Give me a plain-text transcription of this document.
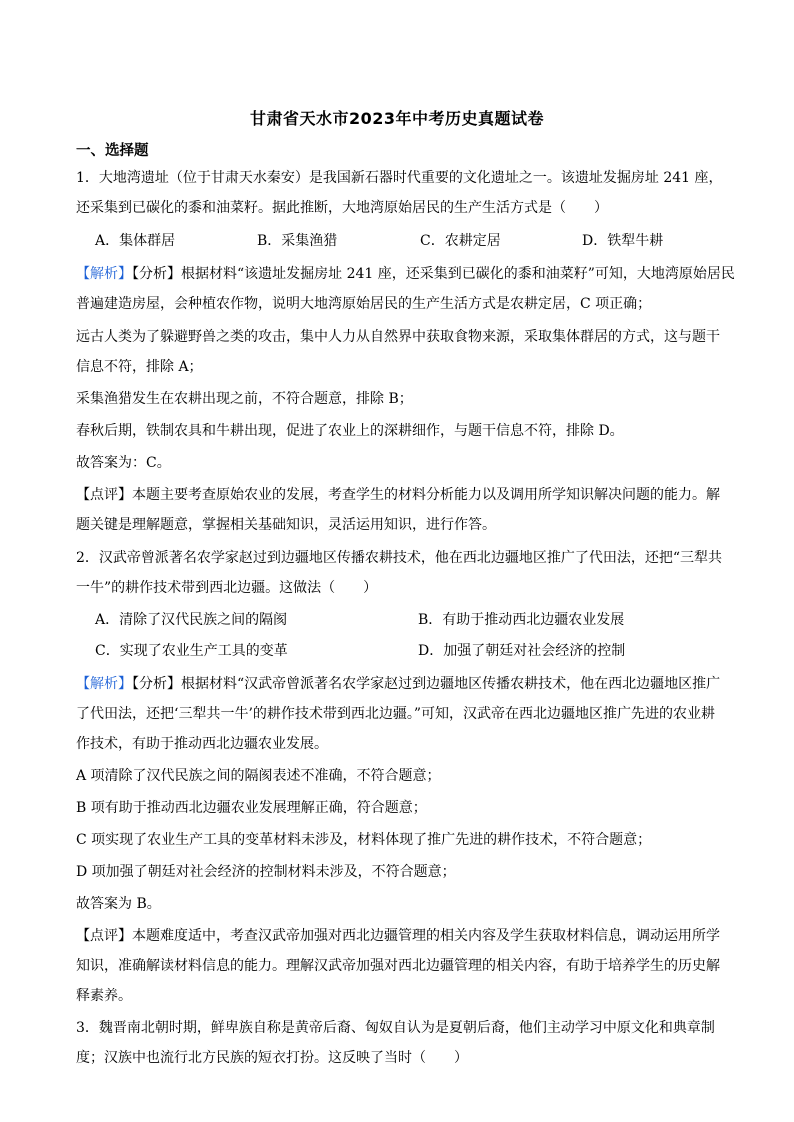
甘肃省天水市2023年中考历史真题试卷
一、选择题
1．大地湾遗址（位于甘肃天水秦安）是我国新石器时代重要的文化遗址之一。该遗址发掘房址 241 座，
还采集到已碳化的黍和油菜籽。据此推断，大地湾原始居民的生产生活方式是（　　）
A．集体群居	B．采集渔猎	C．农耕定居	D．铁犁牛耕
【解析】【分析】根据材料“该遗址发掘房址 241 座，还采集到已碳化的黍和油菜籽”可知，大地湾原始居民
普遍建造房屋，会种植农作物，说明大地湾原始居民的生产生活方式是农耕定居，C 项正确；
远古人类为了躲避野兽之类的攻击，集中人力从自然界中获取食物来源，采取集体群居的方式，这与题干
信息不符，排除 A；
采集渔猎发生在农耕出现之前，不符合题意，排除 B；
春秋后期，铁制农具和牛耕出现，促进了农业上的深耕细作，与题干信息不符，排除 D。
故答案为：C。
【点评】本题主要考查原始农业的发展，考查学生的材料分析能力以及调用所学知识解决问题的能力。解
题关键是理解题意，掌握相关基础知识，灵活运用知识，进行作答。
2．汉武帝曾派著名农学家赵过到边疆地区传播农耕技术，他在西北边疆地区推广了代田法，还把“三犁共
一牛”的耕作技术带到西北边疆。这做法（　　）
A．清除了汉代民族之间的隔阂	B．有助于推动西北边疆农业发展
C．实现了农业生产工具的变革	D．加强了朝廷对社会经济的控制
【解析】【分析】根据材料“汉武帝曾派著名农学家赵过到边疆地区传播农耕技术，他在西北边疆地区推广
了代田法，还把‘三犁共一牛’的耕作技术带到西北边疆。”可知，汉武帝在西北边疆地区推广先进的农业耕
作技术，有助于推动西北边疆农业发展。
A 项清除了汉代民族之间的隔阂表述不准确，不符合题意；
B 项有助于推动西北边疆农业发展理解正确，符合题意；
C 项实现了农业生产工具的变革材料未涉及，材料体现了推广先进的耕作技术，不符合题意；
D 项加强了朝廷对社会经济的控制材料未涉及，不符合题意；
故答案为 B。
【点评】本题难度适中，考查汉武帝加强对西北边疆管理的相关内容及学生获取材料信息，调动运用所学
知识，准确解读材料信息的能力。理解汉武帝加强对西北边疆管理的相关内容，有助于培养学生的历史解
释素养。
3．魏晋南北朝时期，鲜卑族自称是黄帝后裔、匈奴自认为是夏朝后裔，他们主动学习中原文化和典章制
度；汉族中也流行北方民族的短衣打扮。这反映了当时（　　）
